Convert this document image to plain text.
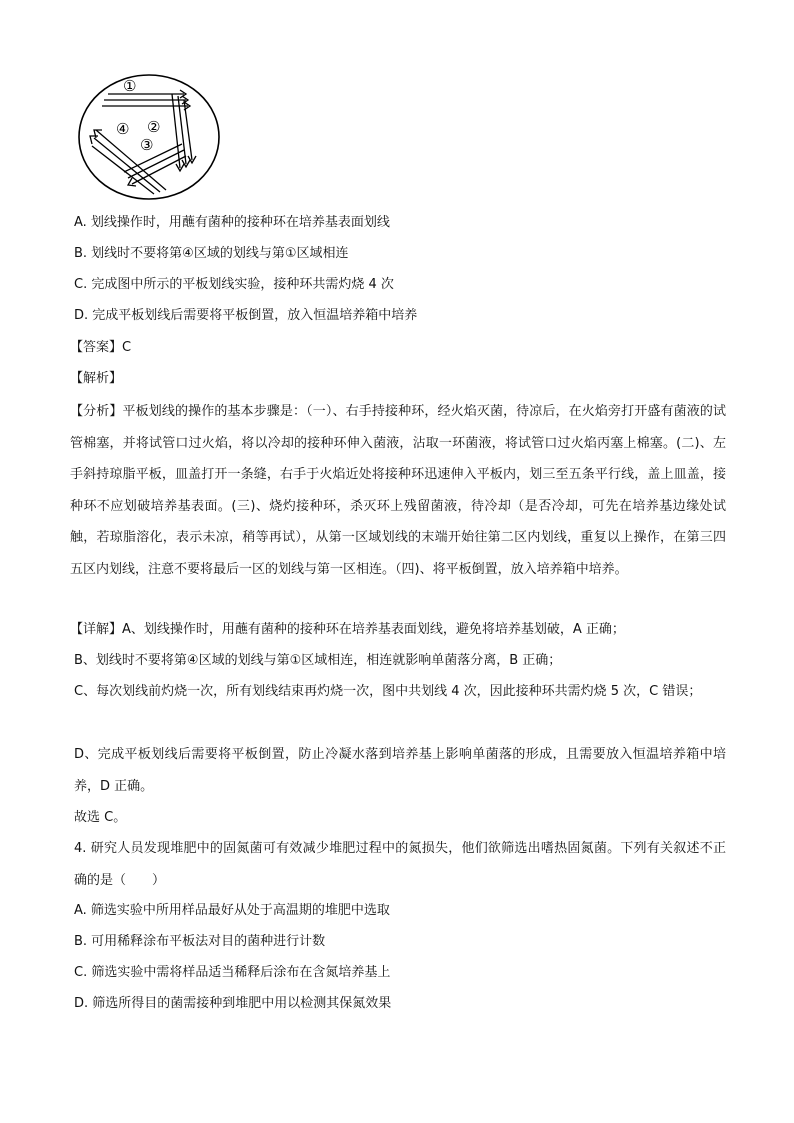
①
②
③
④
A. 划线操作时，用蘸有菌种的接种环在培养基表面划线
B. 划线时不要将第④区域的划线与第①区域相连
C. 完成图中所示的平板划线实验，接种环共需灼烧 4 次
D. 完成平板划线后需要将平板倒置，放入恒温培养箱中培养
【答案】C
【解析】
【分析】平板划线的操作的基本步骤是：（一）、右手持接种环，经火焰灭菌，待凉后，在火焰旁打开盛有菌液的试管棉塞，并将试管口过火焰，将以冷却的接种环伸入菌液，沾取一环菌液，将试管口过火焰丙塞上棉塞。(二)、左手斜持琼脂平板，皿盖打开一条缝，右手于火焰近处将接种环迅速伸入平板内，划三至五条平行线，盖上皿盖，接种环不应划破培养基表面。(三)、烧灼接种环，杀灭环上残留菌液，待冷却（是否冷却，可先在培养基边缘处试触，若琼脂溶化，表示未凉，稍等再试），从第一区域划线的末端开始往第二区内划线，重复以上操作，在第三四五区内划线，注意不要将最后一区的划线与第一区相连。（四)、将平板倒置，放入培养箱中培养。
【详解】A、划线操作时，用蘸有菌种的接种环在培养基表面划线，避免将培养基划破，A 正确；
B、划线时不要将第④区域的划线与第①区域相连，相连就影响单菌落分离，B 正确；
C、每次划线前灼烧一次，所有划线结束再灼烧一次，图中共划线 4 次，因此接种环共需灼烧 5 次，C 错误；
D、完成平板划线后需要将平板倒置，防止冷凝水落到培养基上影响单菌落的形成，且需要放入恒温培养箱中培养，D 正确。
故选 C。
4. 研究人员发现堆肥中的固氮菌可有效减少堆肥过程中的氮损失，他们欲筛选出嗜热固氮菌。下列有关叙述不正确的是（　　）
A. 筛选实验中所用样品最好从处于高温期的堆肥中选取
B. 可用稀释涂布平板法对目的菌种进行计数
C. 筛选实验中需将样品适当稀释后涂布在含氮培养基上
D. 筛选所得目的菌需接种到堆肥中用以检测其保氮效果
